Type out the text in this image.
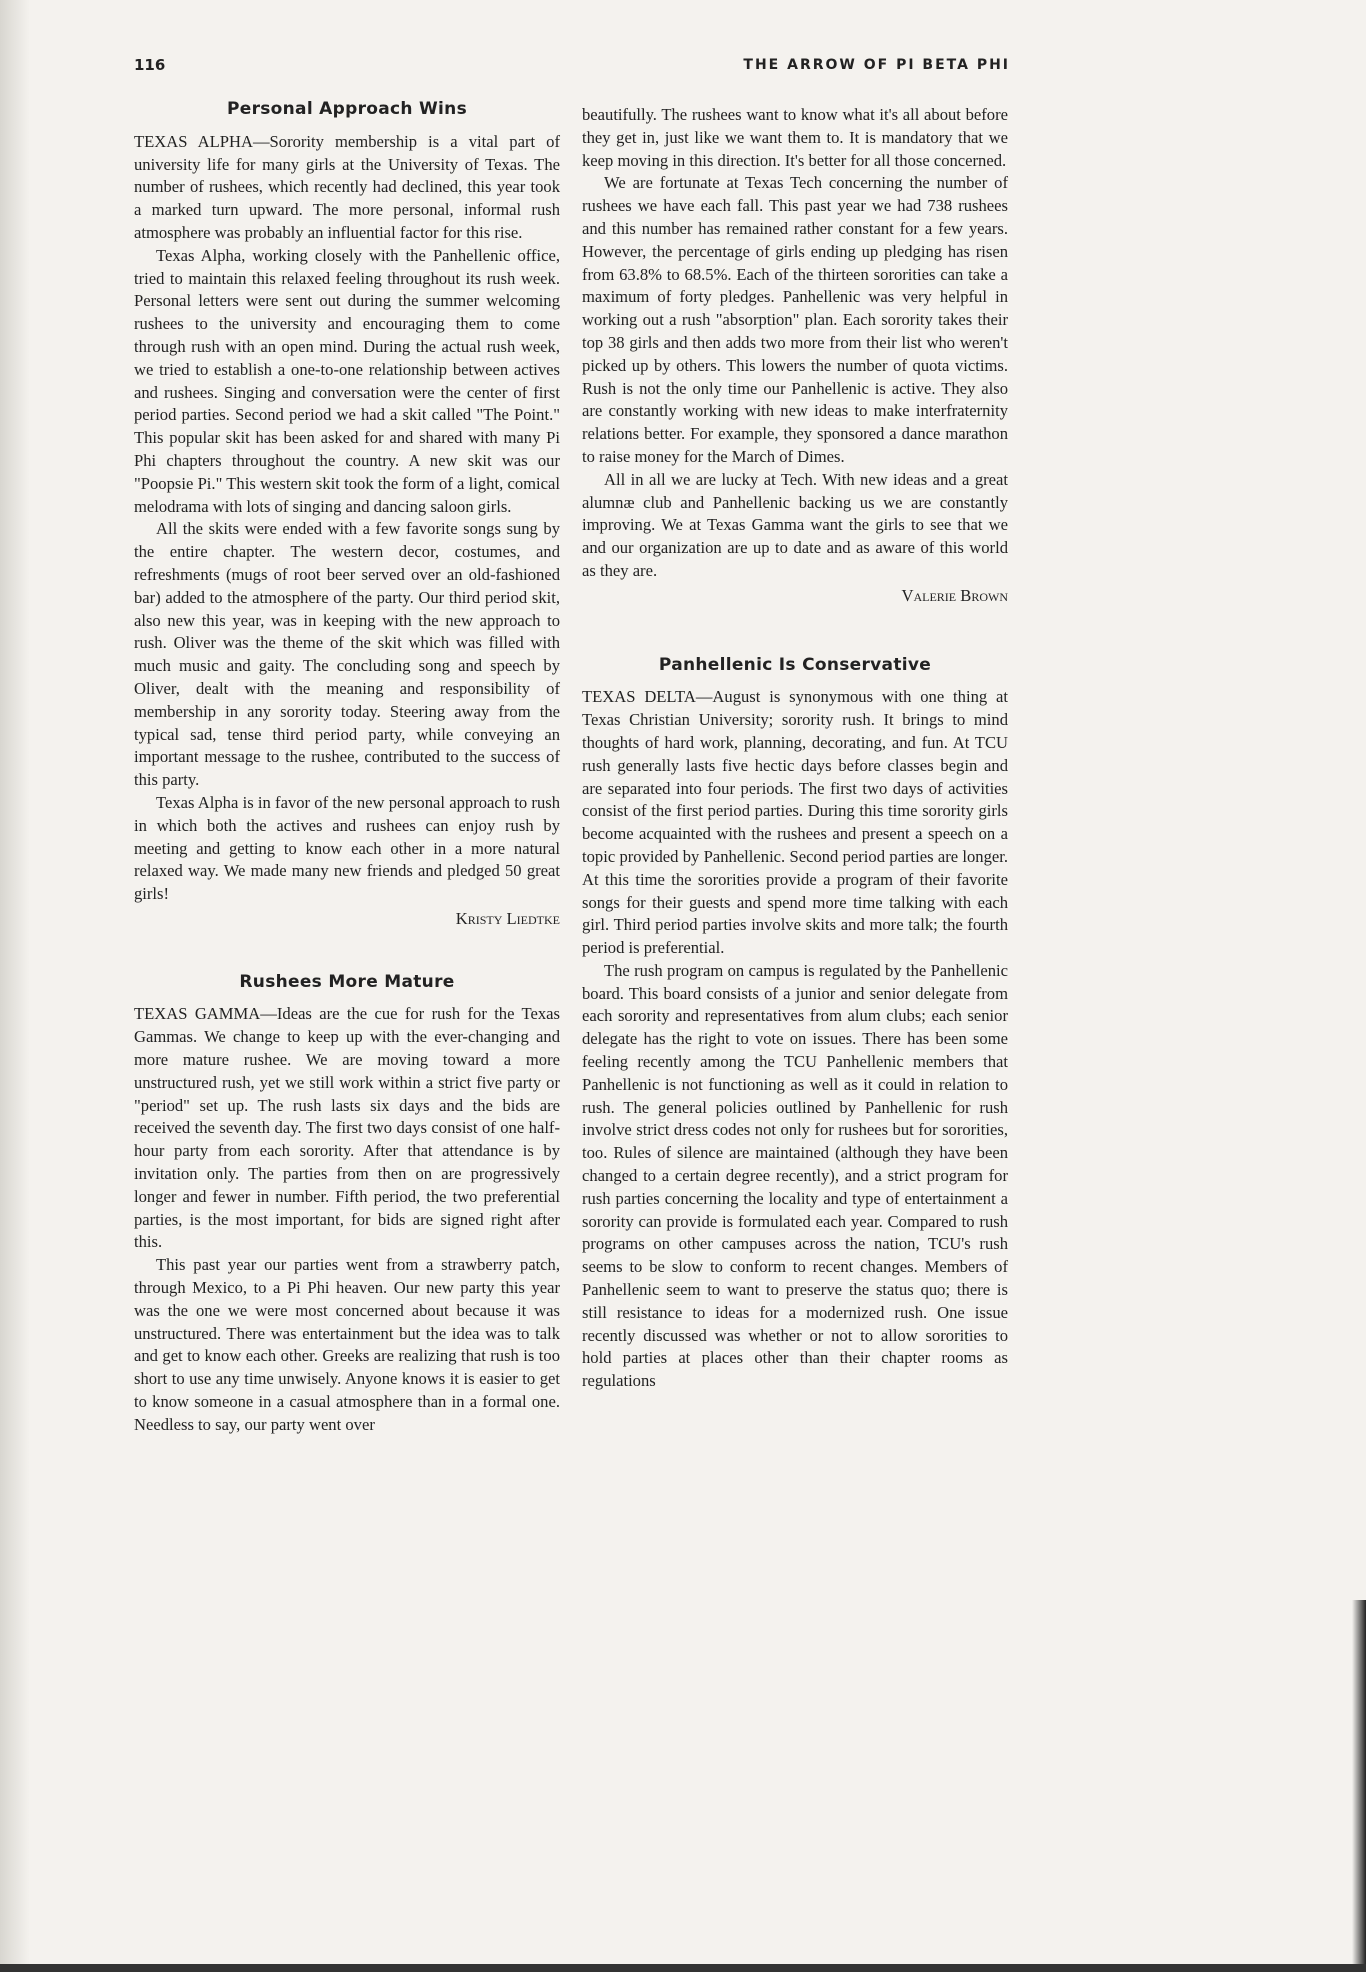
116	THE ARROW OF PI BETA PHI
Personal Approach Wins

TEXAS ALPHA—Sorority membership is a vital part of university life for many girls at the University of Texas. The number of rushees, which recently had declined, this year took a marked turn upward. The more personal, informal rush atmosphere was probably an influential factor for this rise.

Texas Alpha, working closely with the Panhellenic office, tried to maintain this relaxed feeling throughout its rush week. Personal letters were sent out during the summer welcoming rushees to the university and encouraging them to come through rush with an open mind. During the actual rush week, we tried to establish a one-to-one relationship between actives and rushees. Singing and conversation were the center of first period parties. Second period we had a skit called "The Point." This popular skit has been asked for and shared with many Pi Phi chapters throughout the country. A new skit was our "Poopsie Pi." This western skit took the form of a light, comical melodrama with lots of singing and dancing saloon girls.

All the skits were ended with a few favorite songs sung by the entire chapter. The western decor, costumes, and refreshments (mugs of root beer served over an old-fashioned bar) added to the atmosphere of the party. Our third period skit, also new this year, was in keeping with the new approach to rush. Oliver was the theme of the skit which was filled with much music and gaity. The concluding song and speech by Oliver, dealt with the meaning and responsibility of membership in any sorority today. Steering away from the typical sad, tense third period party, while conveying an important message to the rushee, contributed to the success of this party.

Texas Alpha is in favor of the new personal approach to rush in which both the actives and rushees can enjoy rush by meeting and getting to know each other in a more natural relaxed way. We made many new friends and pledged 50 great girls!

Kristy Liedtke
Rushees More Mature

TEXAS GAMMA—Ideas are the cue for rush for the Texas Gammas. We change to keep up with the ever-changing and more mature rushee. We are moving toward a more unstructured rush, yet we still work within a strict five party or "period" set up. The rush lasts six days and the bids are received the seventh day. The first two days consist of one half-hour party from each sorority. After that attendance is by invitation only. The parties from then on are progressively longer and fewer in number. Fifth period, the two preferential parties, is the most important, for bids are signed right after this.

This past year our parties went from a strawberry patch, through Mexico, to a Pi Phi heaven. Our new party this year was the one we were most concerned about because it was unstructured. There was entertainment but the idea was to talk and get to know each other. Greeks are realizing that rush is too short to use any time unwisely. Anyone knows it is easier to get to know someone in a casual atmosphere than in a formal one. Needless to say, our party went over

beautifully. The rushees want to know what it's all about before they get in, just like we want them to. It is mandatory that we keep moving in this direction. It's better for all those concerned.

We are fortunate at Texas Tech concerning the number of rushees we have each fall. This past year we had 738 rushees and this number has remained rather constant for a few years. However, the percentage of girls ending up pledging has risen from 63.8% to 68.5%. Each of the thirteen sororities can take a maximum of forty pledges. Panhellenic was very helpful in working out a rush "absorption" plan. Each sorority takes their top 38 girls and then adds two more from their list who weren't picked up by others. This lowers the number of quota victims. Rush is not the only time our Panhellenic is active. They also are constantly working with new ideas to make interfraternity relations better. For example, they sponsored a dance marathon to raise money for the March of Dimes.

All in all we are lucky at Tech. With new ideas and a great alumnæ club and Panhellenic backing us we are constantly improving. We at Texas Gamma want the girls to see that we and our organization are up to date and as aware of this world as they are.

Valerie Brown
Panhellenic Is Conservative

TEXAS DELTA—August is synonymous with one thing at Texas Christian University; sorority rush. It brings to mind thoughts of hard work, planning, decorating, and fun. At TCU rush generally lasts five hectic days before classes begin and are separated into four periods. The first two days of activities consist of the first period parties. During this time sorority girls become acquainted with the rushees and present a speech on a topic provided by Panhellenic. Second period parties are longer. At this time the sororities provide a program of their favorite songs for their guests and spend more time talking with each girl. Third period parties involve skits and more talk; the fourth period is preferential.

The rush program on campus is regulated by the Panhellenic board. This board consists of a junior and senior delegate from each sorority and representatives from alum clubs; each senior delegate has the right to vote on issues. There has been some feeling recently among the TCU Panhellenic members that Panhellenic is not functioning as well as it could in relation to rush. The general policies outlined by Panhellenic for rush involve strict dress codes not only for rushees but for sororities, too. Rules of silence are maintained (although they have been changed to a certain degree recently), and a strict program for rush parties concerning the locality and type of entertainment a sorority can provide is formulated each year. Compared to rush programs on other campuses across the nation, TCU's rush seems to be slow to conform to recent changes. Members of Panhellenic seem to want to preserve the status quo; there is still resistance to ideas for a modernized rush. One issue recently discussed was whether or not to allow sororities to hold parties at places other than their chapter rooms as regulations
